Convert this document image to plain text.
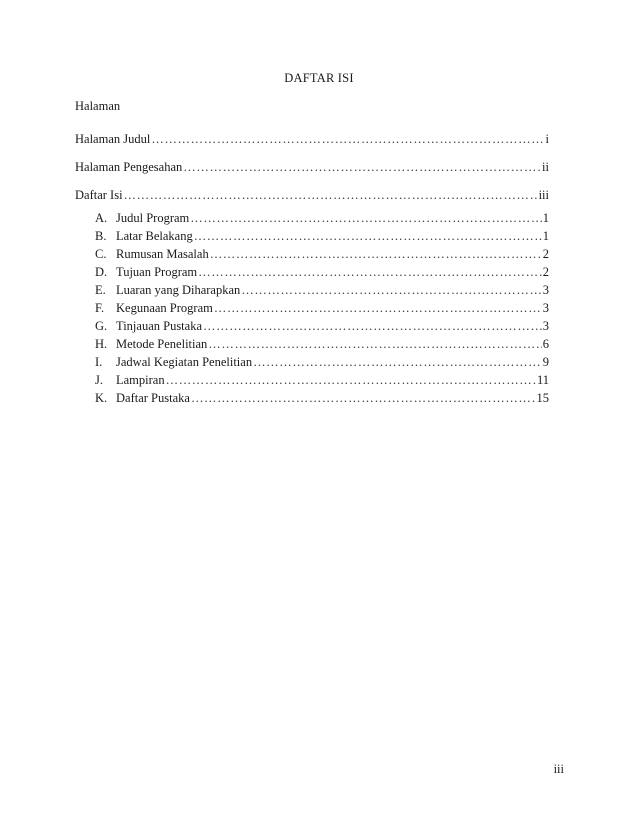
DAFTAR ISI
Halaman
Halaman Judul ………………………………………………………………………………………………………………………………………………………………………………	i
Halaman Pengesahan ………………………………………………………………………………………………………………………………………………………………………………	ii
Daftar Isi ………………………………………………………………………………………………………………………………………………………………………………	iii
A. Judul Program ………………………………………………………………………………………………………………………………………………………………………………	1
B. Latar Belakang ………………………………………………………………………………………………………………………………………………………………………………	1
C. Rumusan Masalah ………………………………………………………………………………………………………………………………………………………………………………	2
D. Tujuan Program ………………………………………………………………………………………………………………………………………………………………………………	2
E. Luaran yang Diharapkan ………………………………………………………………………………………………………………………………………………………………………………	3
F. Kegunaan Program ………………………………………………………………………………………………………………………………………………………………………………	3
G. Tinjauan Pustaka ………………………………………………………………………………………………………………………………………………………………………………	3
H. Metode Penelitian ………………………………………………………………………………………………………………………………………………………………………………	6
I.	Jadwal Kegiatan Penelitian ………………………………………………………………………………………………………………………………………………………………………………	9
J.	Lampiran ………………………………………………………………………………………………………………………………………………………………………………	11
K. Daftar Pustaka ………………………………………………………………………………………………………………………………………………………………………………	15
iii
